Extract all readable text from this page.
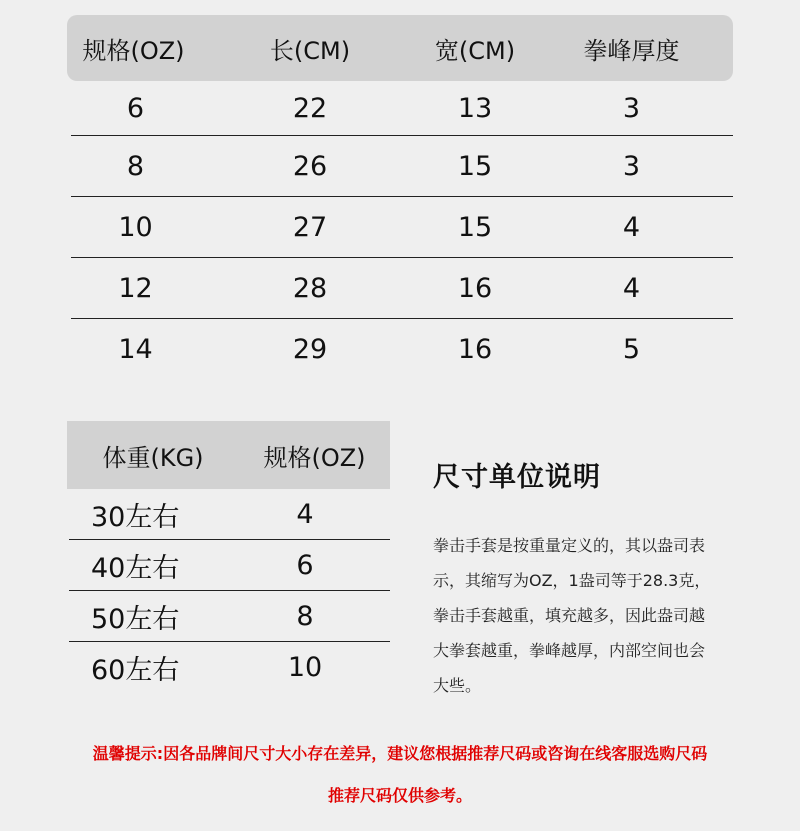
规格(OZ)	长(CM)	宽(CM)	拳峰厚度
6	22	13	3
8	26	15	3
10	27	15	4
12	28	16	4
14	29	16	5
体重(KG)	规格(OZ)
30左右	4
40左右	6
50左右	8
60左右	10
尺寸单位说明
拳击手套是按重量定义的，其以盎司表
示，其缩写为OZ，1盎司等于28.3克，
拳击手套越重，填充越多，因此盎司越
大拳套越重，拳峰越厚，内部空间也会
大些。
温馨提示:因各品牌间尺寸大小存在差异，建议您根据推荐尺码或咨询在线客服选购尺码
推荐尺码仅供参考。
